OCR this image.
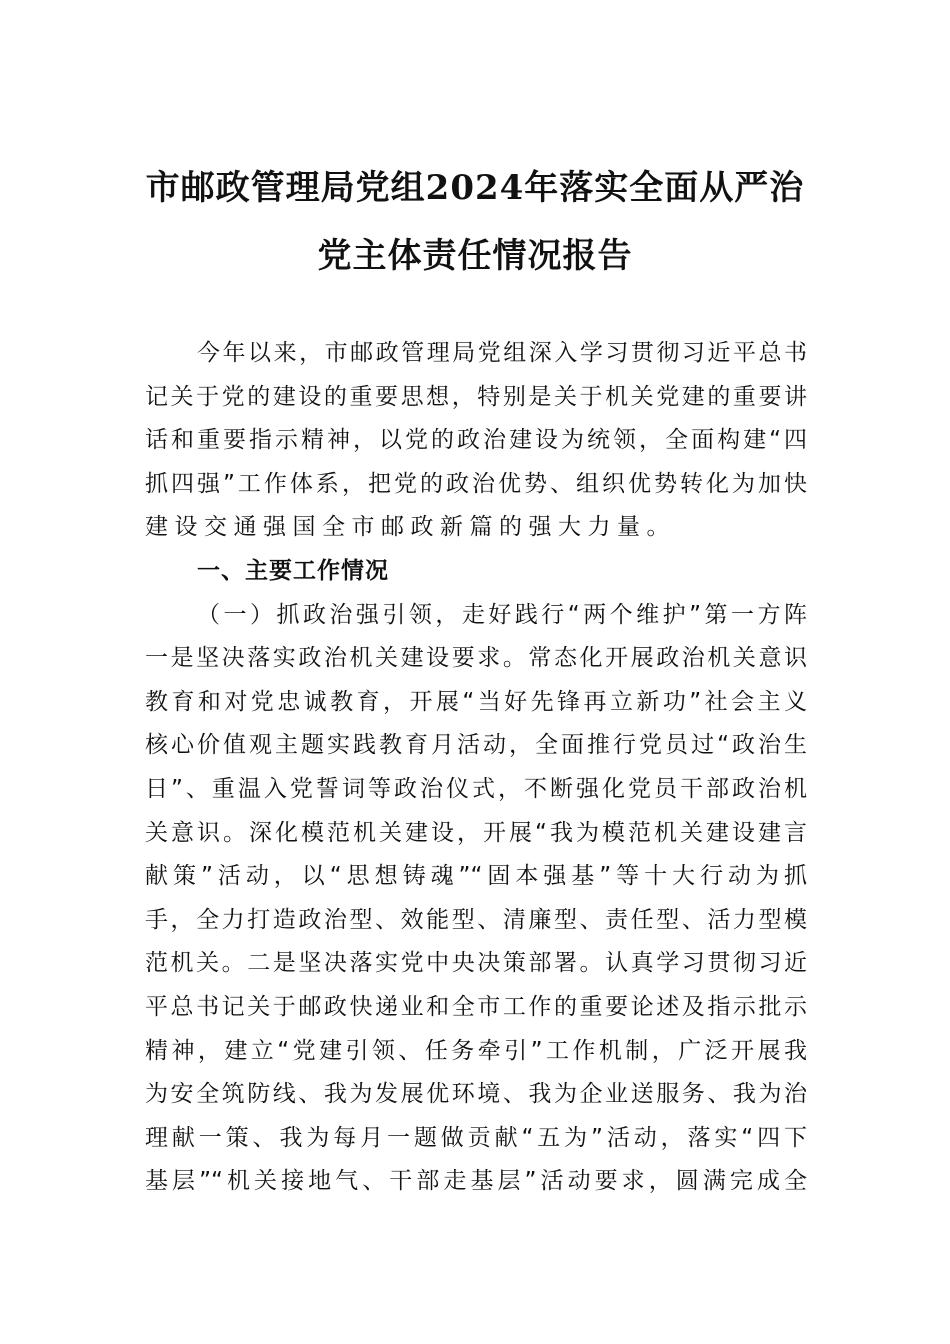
市邮政管理局党组2024年落实全面从严治
党主体责任情况报告
今年以来，市邮政管理局党组深入学习贯彻习近平总书
记关于党的建设的重要思想，特别是关于机关党建的重要讲
话和重要指示精神，以党的政治建设为统领，全面构建“四
抓四强”工作体系，把党的政治优势、组织优势转化为加快
建设交通强国全市邮政新篇的强大力量。
一、主要工作情况
（一）抓政治强引领，走好践行“两个维护”第一方阵
一是坚决落实政治机关建设要求。常态化开展政治机关意识
教育和对党忠诚教育，开展“当好先锋再立新功”社会主义
核心价值观主题实践教育月活动，全面推行党员过“政治生
日”、重温入党誓词等政治仪式，不断强化党员干部政治机
关意识。深化模范机关建设，开展“我为模范机关建设建言
献策”活动，以“思想铸魂”“固本强基”等十大行动为抓
手，全力打造政治型、效能型、清廉型、责任型、活力型模
范机关。二是坚决落实党中央决策部署。认真学习贯彻习近
平总书记关于邮政快递业和全市工作的重要论述及指示批示
精神，建立“党建引领、任务牵引”工作机制，广泛开展我
为安全筑防线、我为发展优环境、我为企业送服务、我为治
理献一策、我为每月一题做贡献“五为”活动，落实“四下
基层”“机关接地气、干部走基层”活动要求，圆满完成全
